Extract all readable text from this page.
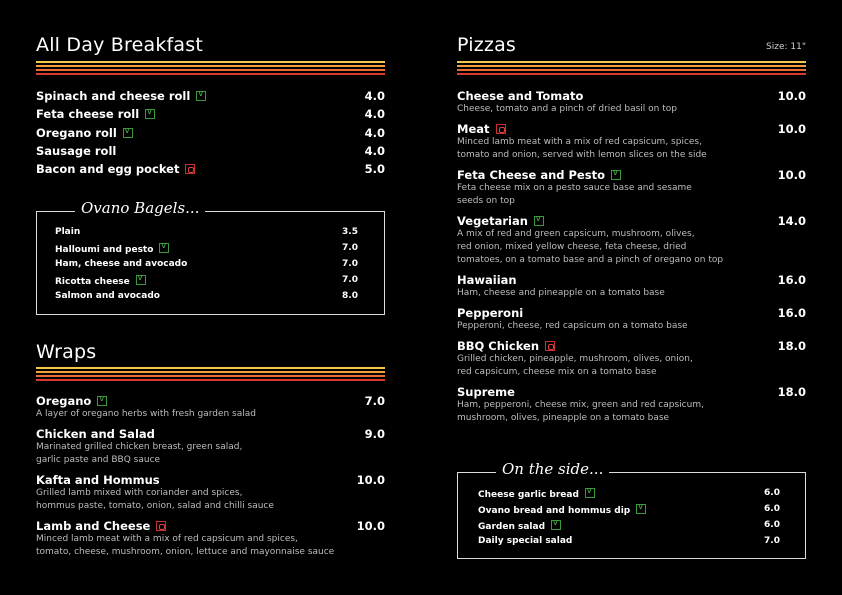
All Day Breakfast
Spinach and cheese roll v	4.0
Feta cheese roll v	4.0
Oregano roll v	4.0
Sausage roll	4.0
Bacon and egg pocket	5.0
Ovano Bagels...
Plain	3.5
Halloumi and pesto v	7.0
Ham, cheese and avocado	7.0
Ricotta cheese v	7.0
Salmon and avocado	8.0
Wraps
Oregano v	7.0
A layer of oregano herbs with fresh garden salad
Chicken and Salad	9.0
Marinated grilled chicken breast, green salad,
garlic paste and BBQ sauce
Kafta and Hommus	10.0
Grilled lamb mixed with coriander and spices,
hommus paste, tomato, onion, salad and chilli sauce
Lamb and Cheese	10.0
Minced lamb meat with a mix of red capsicum and spices,
tomato, cheese, mushroom, onion, lettuce and mayonnaise sauce
Pizzas	Size: 11"
Cheese and Tomato	10.0
Cheese, tomato and a pinch of dried basil on top
Meat	10.0
Minced lamb meat with a mix of red capsicum, spices,
tomato and onion, served with lemon slices on the side
Feta Cheese and Pesto v	10.0
Feta cheese mix on a pesto sauce base and sesame
seeds on top
Vegetarian v	14.0
A mix of red and green capsicum, mushroom, olives,
red onion, mixed yellow cheese, feta cheese, dried
tomatoes, on a tomato base and a pinch of oregano on top
Hawaiian	16.0
Ham, cheese and pineapple on a tomato base
Pepperoni	16.0
Pepperoni, cheese, red capsicum on a tomato base
BBQ Chicken	18.0
Grilled chicken, pineapple, mushroom, olives, onion,
red capsicum, cheese mix on a tomato base
Supreme	18.0
Ham, pepperoni, cheese mix, green and red capsicum,
mushroom, olives, pineapple on a tomato base
On the side...
Cheese garlic bread v	6.0
Ovano bread and hommus dip v	6.0
Garden salad v	6.0
Daily special salad	7.0
